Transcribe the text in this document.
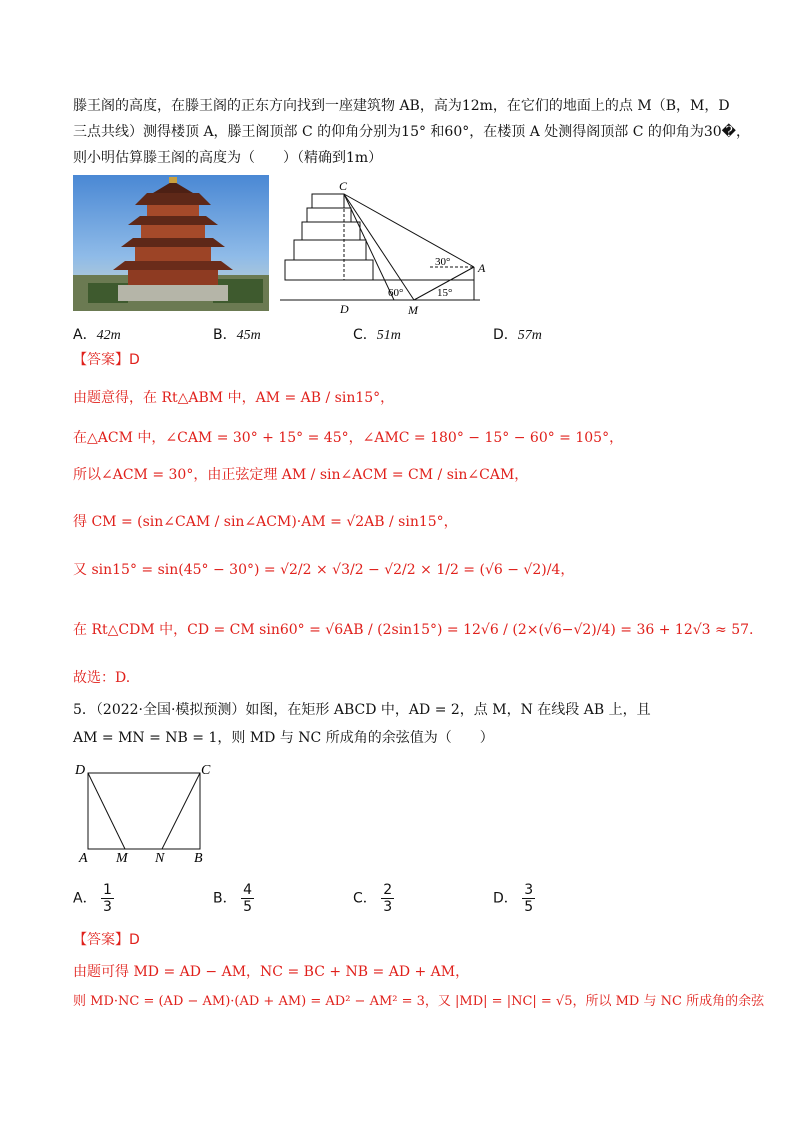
滕王阁的高度，在滕王阁的正东方向找到一座建筑物 AB，高为12m，在它们的地面上的点 M（B，M，D
三点共线）测得楼顶 A，滕王阁顶部 C 的仰角分别为15° 和60°，在楼顶 A 处测得阁顶部 C 的仰角为30�，
则小明估算滕王阁的高度为（　　）（精确到1m）
C
D	M
A
30°
60°	15°
A．42m	B．45m	C．51m	D．57m
【答案】D
由题意得，在 Rt△ABM 中，AM = AB / sin15°，
在△ACM 中，∠CAM = 30° + 15° = 45°，∠AMC = 180° − 15° − 60° = 105°，
所以∠ACM = 30°，由正弦定理 AM / sin∠ACM = CM / sin∠CAM，
得 CM = (sin∠CAM / sin∠ACM)·AM = √2AB / sin15°，
又 sin15° = sin(45° − 30°) = √2/2 × √3/2 − √2/2 × 1/2 = (√6 − √2)/4，
在 Rt△CDM 中，CD = CM sin60° = √6AB / (2sin15°) = 12√6 / (2×(√6−√2)/4) = 36 + 12√3 ≈ 57.
故选：D.
5．（2022·全国·模拟预测）如图，在矩形 ABCD 中，AD = 2，点 M，N 在线段 AB 上，且
AM = MN = NB = 1，则 MD 与 NC 所成角的余弦值为（　　）
D	C
A M N B
A． $\frac{1}{3}$	B． $\frac{4}{5}$	C． $\frac{2}{3}$	D． $\frac{3}{5}$
【答案】D
由题可得 MD = AD − AM，NC = BC + NB = AD + AM，
则 MD·NC = (AD − AM)·(AD + AM) = AD² − AM² = 3，又 |MD| = |NC| = √5，所以 MD 与 NC 所成角的余弦
